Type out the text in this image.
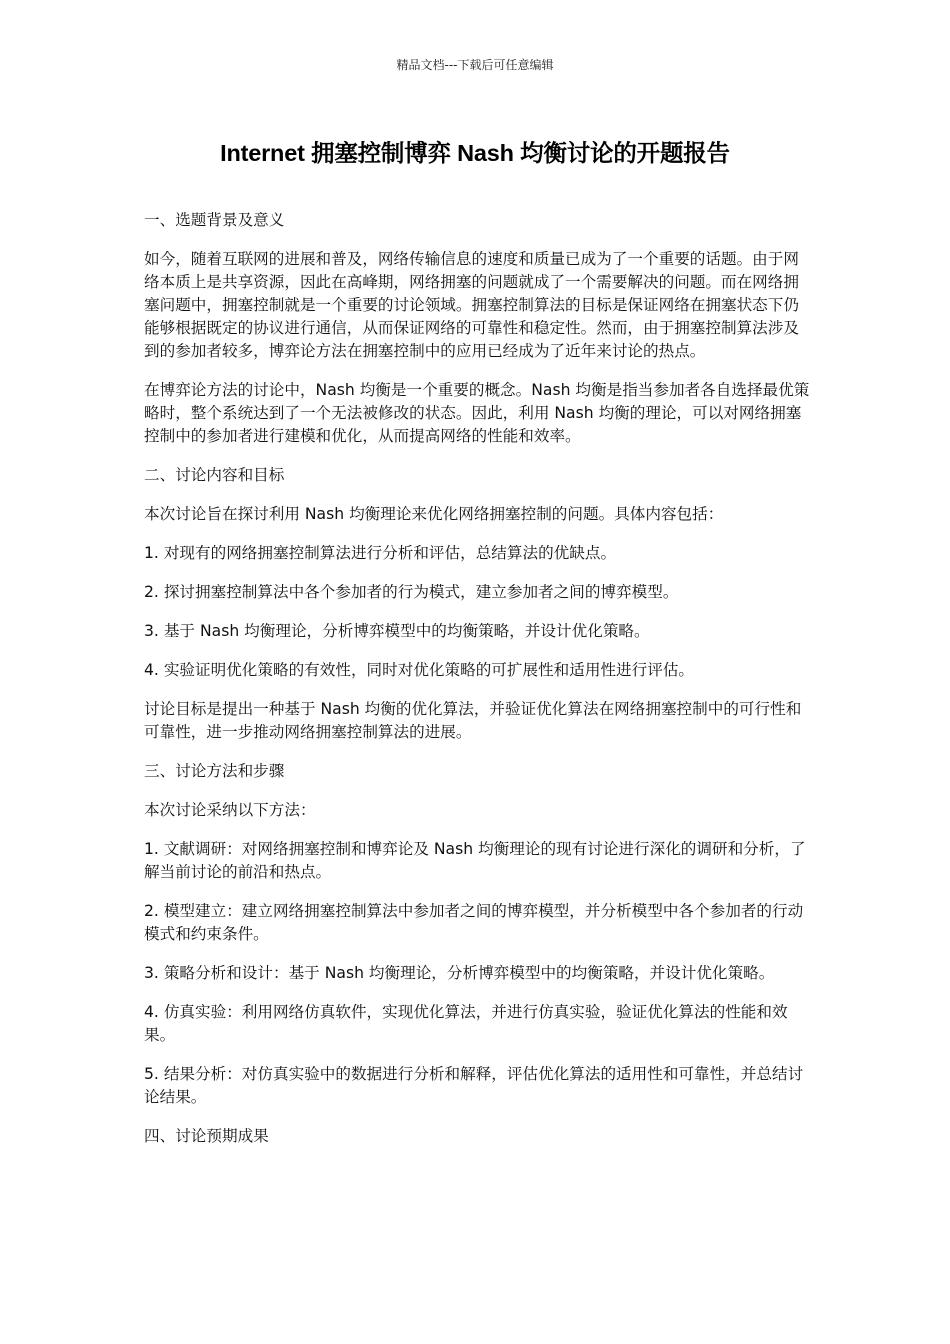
精品文档---下载后可任意编辑
Internet 拥塞控制博弈 Nash 均衡讨论的开题报告

一、选题背景及意义

如今，随着互联网的进展和普及，网络传输信息的速度和质量已成为了一个重要的话题。由于网络本质上是共享资源，因此在高峰期，网络拥塞的问题就成了一个需要解决的问题。而在网络拥塞问题中，拥塞控制就是一个重要的讨论领域。拥塞控制算法的目标是保证网络在拥塞状态下仍能够根据既定的协议进行通信，从而保证网络的可靠性和稳定性。然而，由于拥塞控制算法涉及到的参加者较多，博弈论方法在拥塞控制中的应用已经成为了近年来讨论的热点。

在博弈论方法的讨论中，Nash 均衡是一个重要的概念。Nash 均衡是指当参加者各自选择最优策略时，整个系统达到了一个无法被修改的状态。因此，利用 Nash 均衡的理论，可以对网络拥塞控制中的参加者进行建模和优化，从而提高网络的性能和效率。

二、讨论内容和目标

本次讨论旨在探讨利用 Nash 均衡理论来优化网络拥塞控制的问题。具体内容包括：

1. 对现有的网络拥塞控制算法进行分析和评估，总结算法的优缺点。

2. 探讨拥塞控制算法中各个参加者的行为模式，建立参加者之间的博弈模型。

3. 基于 Nash 均衡理论，分析博弈模型中的均衡策略，并设计优化策略。

4. 实验证明优化策略的有效性，同时对优化策略的可扩展性和适用性进行评估。

讨论目标是提出一种基于 Nash 均衡的优化算法，并验证优化算法在网络拥塞控制中的可行性和可靠性，进一步推动网络拥塞控制算法的进展。

三、讨论方法和步骤

本次讨论采纳以下方法：

1. 文献调研：对网络拥塞控制和博弈论及 Nash 均衡理论的现有讨论进行深化的调研和分析，了解当前讨论的前沿和热点。

2. 模型建立：建立网络拥塞控制算法中参加者之间的博弈模型，并分析模型中各个参加者的行动模式和约束条件。

3. 策略分析和设计：基于 Nash 均衡理论，分析博弈模型中的均衡策略，并设计优化策略。

4. 仿真实验：利用网络仿真软件，实现优化算法，并进行仿真实验，验证优化算法的性能和效果。

5. 结果分析：对仿真实验中的数据进行分析和解释，评估优化算法的适用性和可靠性，并总结讨论结果。

四、讨论预期成果
